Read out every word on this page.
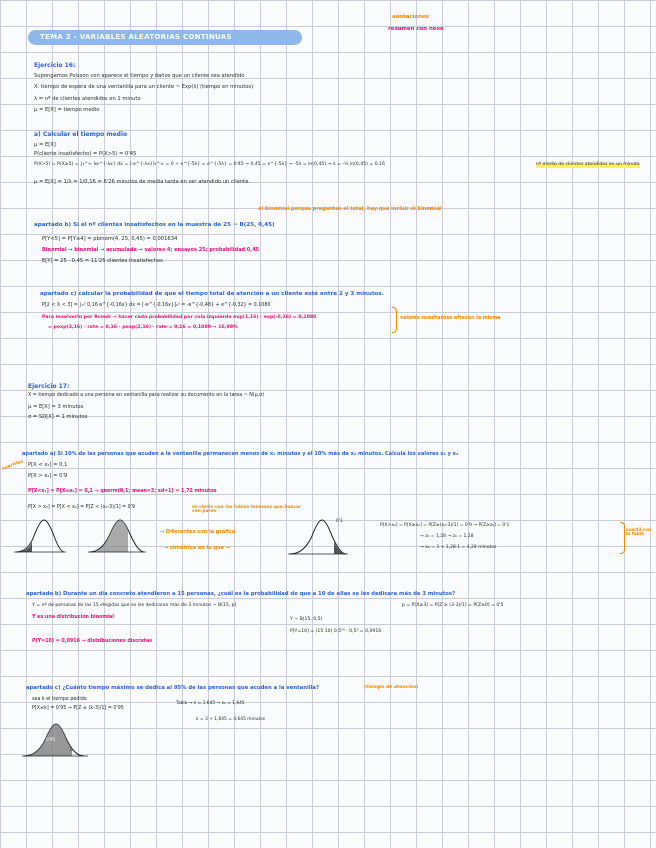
anotaciones
resumen con nexo
TEMA 2 - VARIABLES ALEATORIAS CONTINUAS
Ejercicio 16:
Supongamos Poisson con aparece el tiempo y daños que un cliente sea atendido
X: tiempo de espera de una ventanilla para un cliente ~ Exp(λ) (tiempo en minutos)
λ = nº de clientes atendidos en 1 minuto
μ = E[X] = tiempo medio
a) Calcular el tiempo medio
μ = E[X]
P(cliente insatisfecho) = P(X>5) = 0'45
P(X>5) = P(X≥5) = ∫₅^∞ λe^{-λx} dx = [-e^{-λx}]₅^∞ = 0 + e^{-5λ} = e^{-5λ} = 0'45 → 0,45 = e^{-5λ} → -5λ = ln(0,45) → λ = -⅕ ln(0,45) = 0,16	nº medio de clientes atendidos en un minuto
μ = E[X] = 1/λ = 1/0,16 = 6'26 minutos de media tarda en ser atendido un cliente.
el binomial porque preguntas el total, hay que incluir el binomial
apartado b) Si el nº clientes insatisfechos en la muestra de 25 ~ B(25, 0,45)
P[Y<5] = P[Y≤4] = pbinom(4, 25, 0,45) = 0,001634
Binomial → binomial → acumulada → valores 4; ensayos 25; probabilidad 0,45
E[Y] = 25 · 0,45 = 11'25 clientes insatisfechos
apartado c) calcular la probabilidad de que el tiempo total de atención a un cliente esté entre 2 y 3 minutos.
P[2 < X < 3] = ∫₂³ 0,16 e^{-0,16x} dx = [-e^{-0,16x}]₂³ = -e^{-0,48} + e^{-0,32} = 0,1080
Para resolverlo por Rcmdr → hacer cada probabilidad por cola izquierda exp(1,16) - exp(-0,16) = 0,1080
= pexp(3,16) · rate = 0,16 - pexp(2,16) · rate = 0,16 = 0,1080 → 10,80%
valores resultantes ofrecen la misma
Ejercicio 17:
X = tiempo dedicado a una persona en ventanilla para realizar su documento en la tarea ~ N(μ,σ)
μ = E[X] = 3 minutos
σ = SD[X] = 1 minutos
apartado a) Si 10% de las personas que acuden a la ventanilla permanecen menos de x₁ minutos y el 10% más de x₂ minutos. Calcula los valores x₁ y x₂
cuartiles P[X < x₁] = 0,1
P[X > x₂] = 0'9
P[X<x₁] = P[X≤x₁] = 0,1 → qnorm(0,1; mean=3; sd=1) = 1,72 minutos
P[X > x₂] = P[X < x₂] = P[Z < (x₂-3)/1] = 0'9	es cierto con las tablas tenemos que buscar con pares
→ Diferentes con la gráfica
→ simétrica en lo que →
0'1
P[X>x₂] = P[X≥x₂] = P[Z≥(x₂-3)/1] = 0'9 → P[Z≥z₀] = 0'1
→ z₀ = 1,28 → z₀ = 1,28
→ x₂ = 3 + 1,28·1 = 4,28 minutos
cuartil con la tabla
apartado b) Durante un día concreto atendieron a 15 personas, ¿cuál es la probabilidad de que a 10 de ellas se les dedicara más de 3 minutos?
Y = nº de personas de las 15 elegidas que se les dedicaron más de 3 minutos ~ B(15, p)	p = P[X≥3] = P[Z ≥ (3-3)/1] = P[Z≥0] = 0'5
Y es una distribución binomial	Y ~ B(15, 0,5)
P[Y=10] = (15 10) 0,5¹⁰ · 0,5⁵ = 0,0916
P(Y=10) = 0,0916 → distribuciones discretas
apartado c) ¿Cuánto tiempo máximo se dedica al 95% de las personas que acuden a la ventanilla?	(tiempo de atención)
sea k el tiempo pedido
P[X≤k] = 0'95 → P[Z ≤ (k-3)/1] = 0'95
Tabla → z = 1,645 → z₀ = 1,645
k = 3 + 1,645 = 4,645 minutos
0'95
k
